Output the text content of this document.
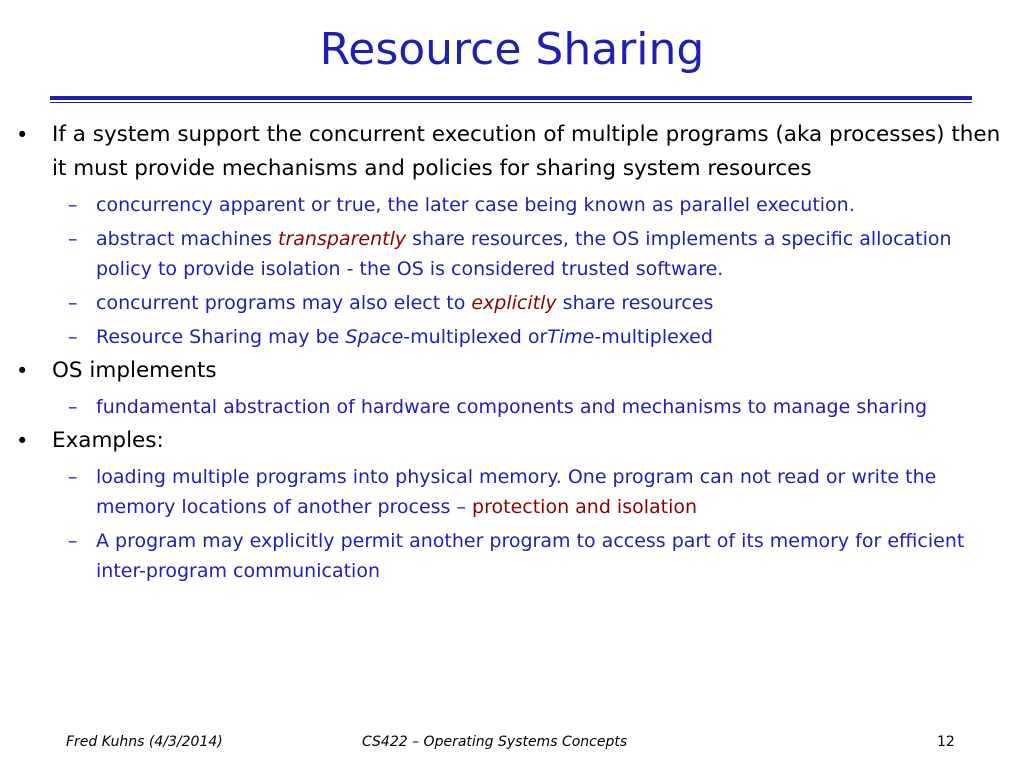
Resource Sharing
• If a system support the concurrent execution of multiple programs (aka processes) then it must provide mechanisms and policies for sharing system resources
– concurrency apparent or true, the later case being known as parallel execution.
– abstract machines transparently share resources, the OS implements a specific allocation policy to provide isolation - the OS is considered trusted software.
– concurrent programs may also elect to explicitly share resources
– Resource Sharing may be Space-multiplexed orTime-multiplexed
• OS implements
– fundamental abstraction of hardware components and mechanisms to manage sharing
• Examples:
– loading multiple programs into physical memory. One program can not read or write the memory locations of another process – protection and isolation
– A program may explicitly permit another program to access part of its memory for efficient inter-program communication
Fred Kuhns (4/3/2014)	CS422 – Operating Systems Concepts	12
